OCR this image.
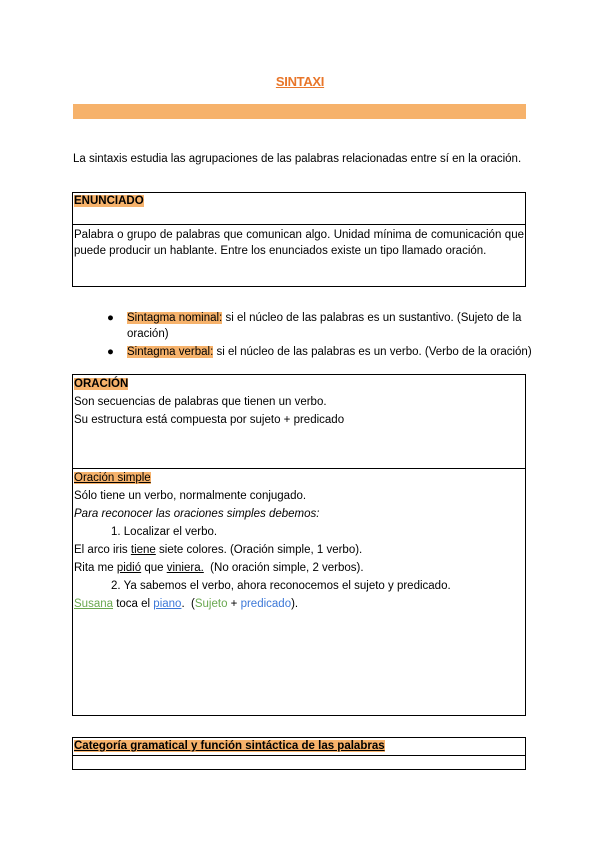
SINTAXI
La sintaxis estudia las agrupaciones de las palabras relacionadas entre sí en la oración.
ENUNCIADO
Palabra o grupo de palabras que comunican algo. Unidad mínima de comunicación que puede producir un hablante. Entre los enunciados existe un tipo llamado oración.
● Sintagma nominal: si el núcleo de las palabras es un sustantivo. (Sujeto de la oración)
● Sintagma verbal: si el núcleo de las palabras es un verbo. (Verbo de la oración)
ORACIÓN
Son secuencias de palabras que tienen un verbo.
Su estructura está compuesta por sujeto + predicado
Oración simple
Sólo tiene un verbo, normalmente conjugado.
Para reconocer las oraciones simples debemos:
1. Localizar el verbo.
El arco iris tiene siete colores. (Oración simple, 1 verbo).
Rita me pidió que viniera.  (No oración simple, 2 verbos).
2. Ya sabemos el verbo, ahora reconocemos el sujeto y predicado.
Susana toca el piano.  (Sujeto + predicado).
Categoría gramatical y función sintáctica de las palabras
